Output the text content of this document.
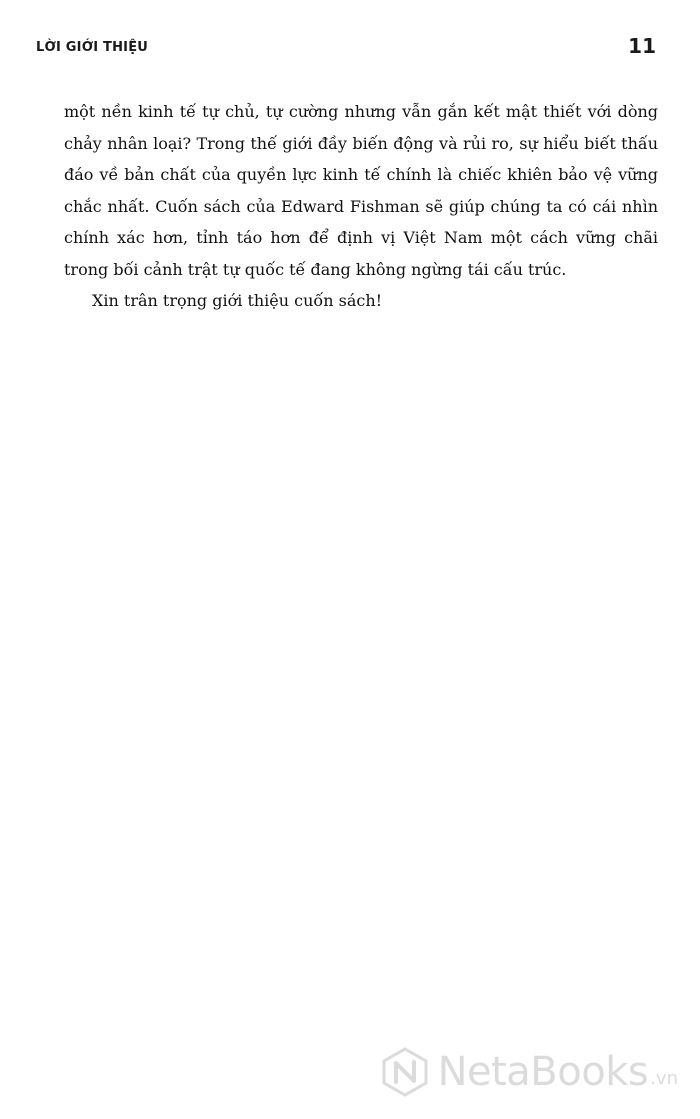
LỜI GIỚI THIỆU	11

một nền kinh tế tự chủ, tự cường nhưng vẫn gắn kết mật thiết với dòng chảy nhân loại? Trong thế giới đầy biến động và rủi ro, sự hiểu biết thấu đáo về bản chất của quyền lực kinh tế chính là chiếc khiên bảo vệ vững chắc nhất. Cuốn sách của Edward Fishman sẽ giúp chúng ta có cái nhìn chính xác hơn, tỉnh táo hơn để định vị Việt Nam một cách vững chãi trong bối cảnh trật tự quốc tế đang không ngừng tái cấu trúc.

Xin trân trọng giới thiệu cuốn sách!

NetaBooks .vn
